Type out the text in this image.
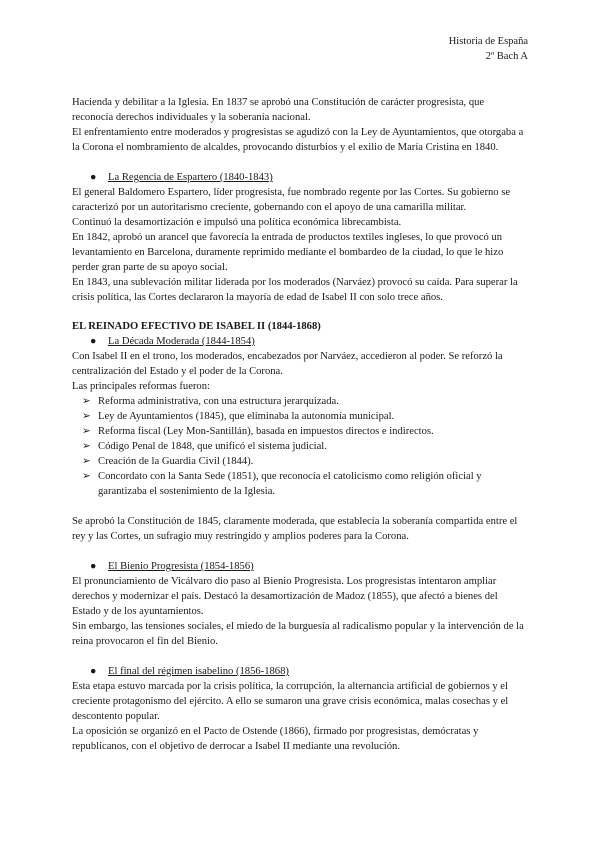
Historia de España
2º Bach A

Hacienda y debilitar a la Iglesia. En 1837 se aprobó una Constitución de carácter progresista, que reconocía derechos individuales y la soberanía nacional.

El enfrentamiento entre moderados y progresistas se agudizó con la Ley de Ayuntamientos, que otorgaba a la Corona el nombramiento de alcaldes, provocando disturbios y el exilio de María Cristina en 1840.

● La Regencia de Espartero (1840-1843)

El general Baldomero Espartero, líder progresista, fue nombrado regente por las Cortes. Su gobierno se caracterizó por un autoritarismo creciente, gobernando con el apoyo de una camarilla militar.

Continuó la desamortización e impulsó una política económica librecambista.

En 1842, aprobó un arancel que favorecía la entrada de productos textiles ingleses, lo que provocó un levantamiento en Barcelona, duramente reprimido mediante el bombardeo de la ciudad, lo que le hizo perder gran parte de su apoyo social.

En 1843, una sublevación militar liderada por los moderados (Narváez) provocó su caída. Para superar la crisis política, las Cortes declararon la mayoría de edad de Isabel II con solo trece años.

EL REINADO EFECTIVO DE ISABEL II (1844-1868)

● La Década Moderada (1844-1854)

Con Isabel II en el trono, los moderados, encabezados por Narváez, accedieron al poder. Se reforzó la centralización del Estado y el poder de la Corona.

Las principales reformas fueron:

➢ Reforma administrativa, con una estructura jerarquizada.
➢ Ley de Ayuntamientos (1845), que eliminaba la autonomía municipal.
➢ Reforma fiscal (Ley Mon-Santillán), basada en impuestos directos e indirectos.
➢ Código Penal de 1848, que unificó el sistema judicial.
➢ Creación de la Guardia Civil (1844).
➢ Concordato con la Santa Sede (1851), que reconocía el catolicismo como religión oficial y garantizaba el sostenimiento de la Iglesia.

Se aprobó la Constitución de 1845, claramente moderada, que establecía la soberanía compartida entre el rey y las Cortes, un sufragio muy restringido y amplios poderes para la Corona.

● El Bienio Progresista (1854-1856)

El pronunciamiento de Vicálvaro dio paso al Bienio Progresista. Los progresistas intentaron ampliar derechos y modernizar el país. Destacó la desamortización de Madoz (1855), que afectó a bienes del Estado y de los ayuntamientos.

Sin embargo, las tensiones sociales, el miedo de la burguesía al radicalismo popular y la intervención de la reina provocaron el fin del Bienio.

● El final del régimen isabelino (1856-1868)

Esta etapa estuvo marcada por la crisis política, la corrupción, la alternancia artificial de gobiernos y el creciente protagonismo del ejército. A ello se sumaron una grave crisis económica, malas cosechas y el descontento popular.

La oposición se organizó en el Pacto de Ostende (1866), firmado por progresistas, demócratas y republicanos, con el objetivo de derrocar a Isabel II mediante una revolución.
